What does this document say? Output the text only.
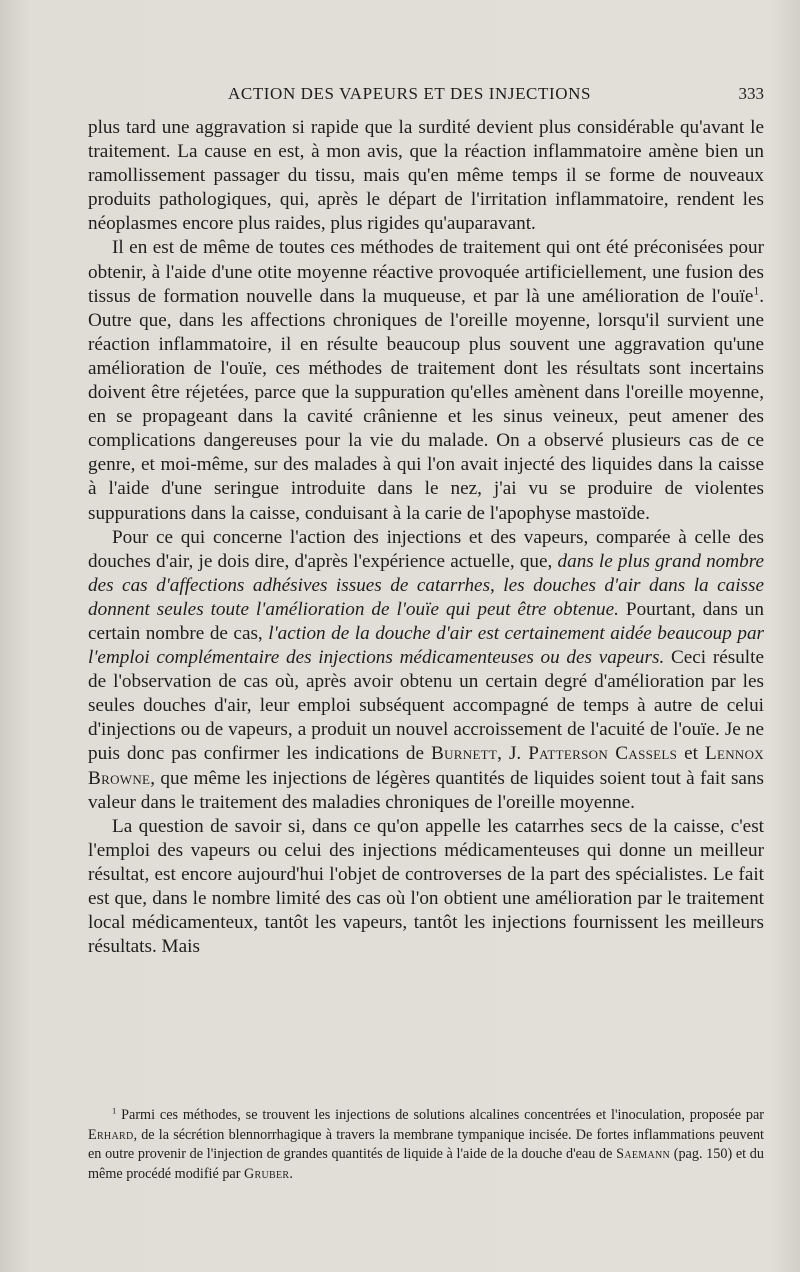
ACTION DES VAPEURS ET DES INJECTIONS	333

plus tard une aggravation si rapide que la surdité devient plus considérable qu'avant le traitement. La cause en est, à mon avis, que la réaction inflammatoire amène bien un ramollissement passager du tissu, mais qu'en même temps il se forme de nouveaux produits pathologiques, qui, après le départ de l'irritation inflammatoire, rendent les néoplasmes encore plus raides, plus rigides qu'auparavant.

Il en est de même de toutes ces méthodes de traitement qui ont été préconisées pour obtenir, à l'aide d'une otite moyenne réactive provoquée artificiellement, une fusion des tissus de formation nouvelle dans la muqueuse, et par là une amélioration de l'ouïe$^1$. Outre que, dans les affections chroniques de l'oreille moyenne, lorsqu'il survient une réaction inflammatoire, il en résulte beaucoup plus souvent une aggravation qu'une amélioration de l'ouïe, ces méthodes de traitement dont les résultats sont incertains doivent être réjetées, parce que la suppuration qu'elles amènent dans l'oreille moyenne, en se propageant dans la cavité crânienne et les sinus veineux, peut amener des complications dangereuses pour la vie du malade. On a observé plusieurs cas de ce genre, et moi-même, sur des malades à qui l'on avait injecté des liquides dans la caisse à l'aide d'une seringue introduite dans le nez, j'ai vu se produire de violentes suppurations dans la caisse, conduisant à la carie de l'apophyse mastoïde.

Pour ce qui concerne l'action des injections et des vapeurs, comparée à celle des douches d'air, je dois dire, d'après l'expérience actuelle, que, dans le plus grand nombre des cas d'affections adhésives issues de catarrhes, les douches d'air dans la caisse donnent seules toute l'amélioration de l'ouïe qui peut être obtenue. Pourtant, dans un certain nombre de cas, l'action de la douche d'air est certainement aidée beaucoup par l'emploi complémentaire des injections médicamenteuses ou des vapeurs. Ceci résulte de l'observation de cas où, après avoir obtenu un certain degré d'amélioration par les seules douches d'air, leur emploi subséquent accompagné de temps à autre de celui d'injections ou de vapeurs, a produit un nouvel accroissement de l'acuité de l'ouïe. Je ne puis donc pas confirmer les indications de Burnett, J. Patterson Cassels et Lennox Browne, que même les injections de légères quantités de liquides soient tout à fait sans valeur dans le traitement des maladies chroniques de l'oreille moyenne.

La question de savoir si, dans ce qu'on appelle les catarrhes secs de la caisse, c'est l'emploi des vapeurs ou celui des injections médicamenteuses qui donne un meilleur résultat, est encore aujourd'hui l'objet de controverses de la part des spécialistes. Le fait est que, dans le nombre limité des cas où l'on obtient une amélioration par le traitement local médicamenteux, tantôt les vapeurs, tantôt les injections fournissent les meilleurs résultats. Mais

$^1$ Parmi ces méthodes, se trouvent les injections de solutions alcalines concentrées et l'inoculation, proposée par Erhard, de la sécrétion blennorrhagique à travers la membrane tympanique incisée. De fortes inflammations peuvent en outre provenir de l'injection de grandes quantités de liquide à l'aide de la douche d'eau de Saemann (pag. 150) et du même procédé modifié par Gruber.
